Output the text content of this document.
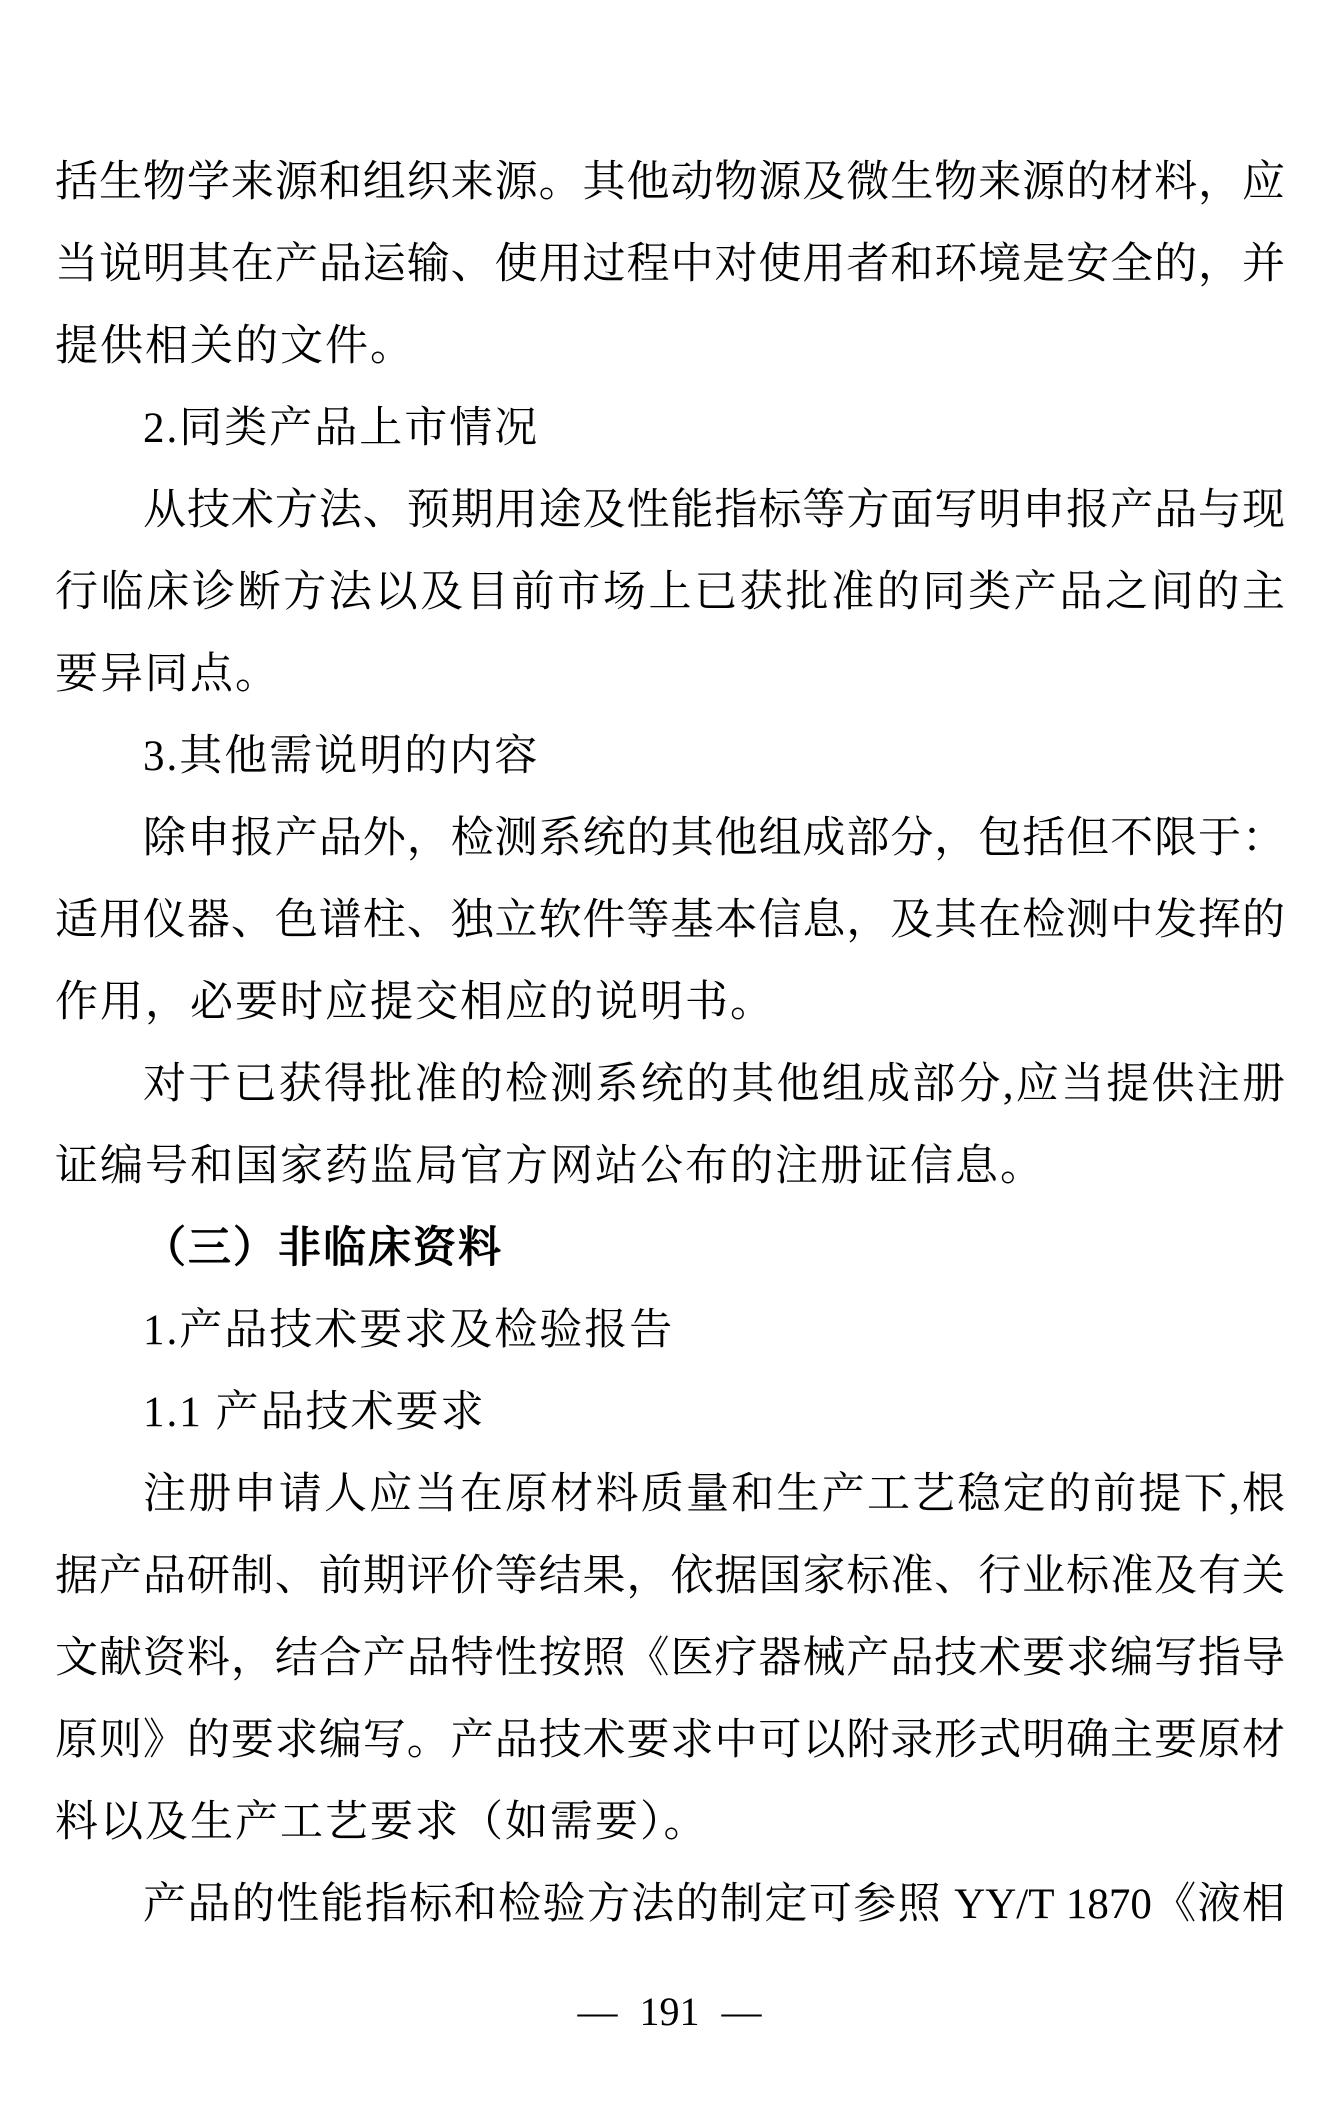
括生物学来源和组织来源。其他动物源及微生物来源的材料，应
当说明其在产品运输、使用过程中对使用者和环境是安全的，并
提供相关的文件。
2.同类产品上市情况
从技术方法、预期用途及性能指标等方面写明申报产品与现
行临床诊断方法以及目前市场上已获批准的同类产品之间的主
要异同点。
3.其他需说明的内容
除申报产品外，检测系统的其他组成部分，包括但不限于：
适用仪器、色谱柱、独立软件等基本信息，及其在检测中发挥的
作用，必要时应提交相应的说明书。
对于已获得批准的检测系统的其他组成部分,应当提供注册
证编号和国家药监局官方网站公布的注册证信息。
（三）非临床资料
1.产品技术要求及检验报告
1.1 产品技术要求
注册申请人应当在原材料质量和生产工艺稳定的前提下,根
据产品研制、前期评价等结果，依据国家标准、行业标准及有关
文献资料，结合产品特性按照《医疗器械产品技术要求编写指导
原则》的要求编写。产品技术要求中可以附录形式明确主要原材
料以及生产工艺要求（如需要）。
产品的性能指标和检验方法的制定可参照 YY/T 1870《液相
— 191 —
